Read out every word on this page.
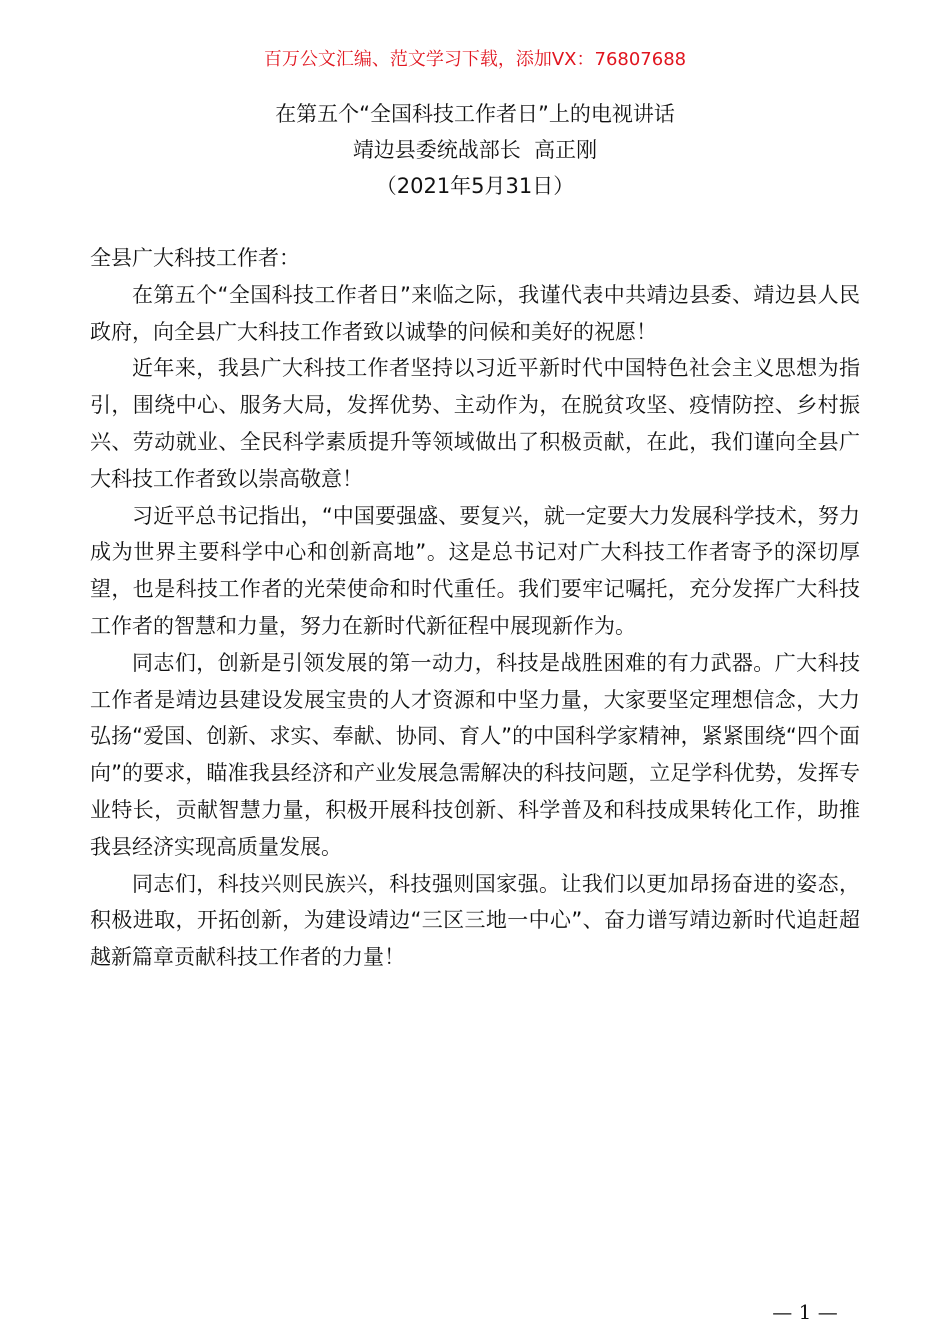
百万公文汇编、范文学习下载，添加VX：76807688
在第五个“全国科技工作者日”上的电视讲话
靖边县委统战部长  高正刚
（2021年5月31日）

全县广大科技工作者：

在第五个“全国科技工作者日”来临之际，我谨代表中共靖边县委、靖边县人民政府，向全县广大科技工作者致以诚挚的问候和美好的祝愿！

近年来，我县广大科技工作者坚持以习近平新时代中国特色社会主义思想为指引，围绕中心、服务大局，发挥优势、主动作为，在脱贫攻坚、疫情防控、乡村振兴、劳动就业、全民科学素质提升等领域做出了积极贡献，在此，我们谨向全县广大科技工作者致以崇高敬意！

习近平总书记指出，“中国要强盛、要复兴，就一定要大力发展科学技术，努力成为世界主要科学中心和创新高地”。这是总书记对广大科技工作者寄予的深切厚望，也是科技工作者的光荣使命和时代重任。我们要牢记嘱托，充分发挥广大科技工作者的智慧和力量，努力在新时代新征程中展现新作为。

同志们，创新是引领发展的第一动力，科技是战胜困难的有力武器。广大科技工作者是靖边县建设发展宝贵的人才资源和中坚力量，大家要坚定理想信念，大力弘扬“爱国、创新、求实、奉献、协同、育人”的中国科学家精神，紧紧围绕“四个面向”的要求，瞄准我县经济和产业发展急需解决的科技问题，立足学科优势，发挥专业特长，贡献智慧力量，积极开展科技创新、科学普及和科技成果转化工作，助推我县经济实现高质量发展。

同志们，科技兴则民族兴，科技强则国家强。让我们以更加昂扬奋进的姿态，积极进取，开拓创新，为建设靖边“三区三地一中心”、奋力谱写靖边新时代追赶超越新篇章贡献科技工作者的力量！

— 1 —
